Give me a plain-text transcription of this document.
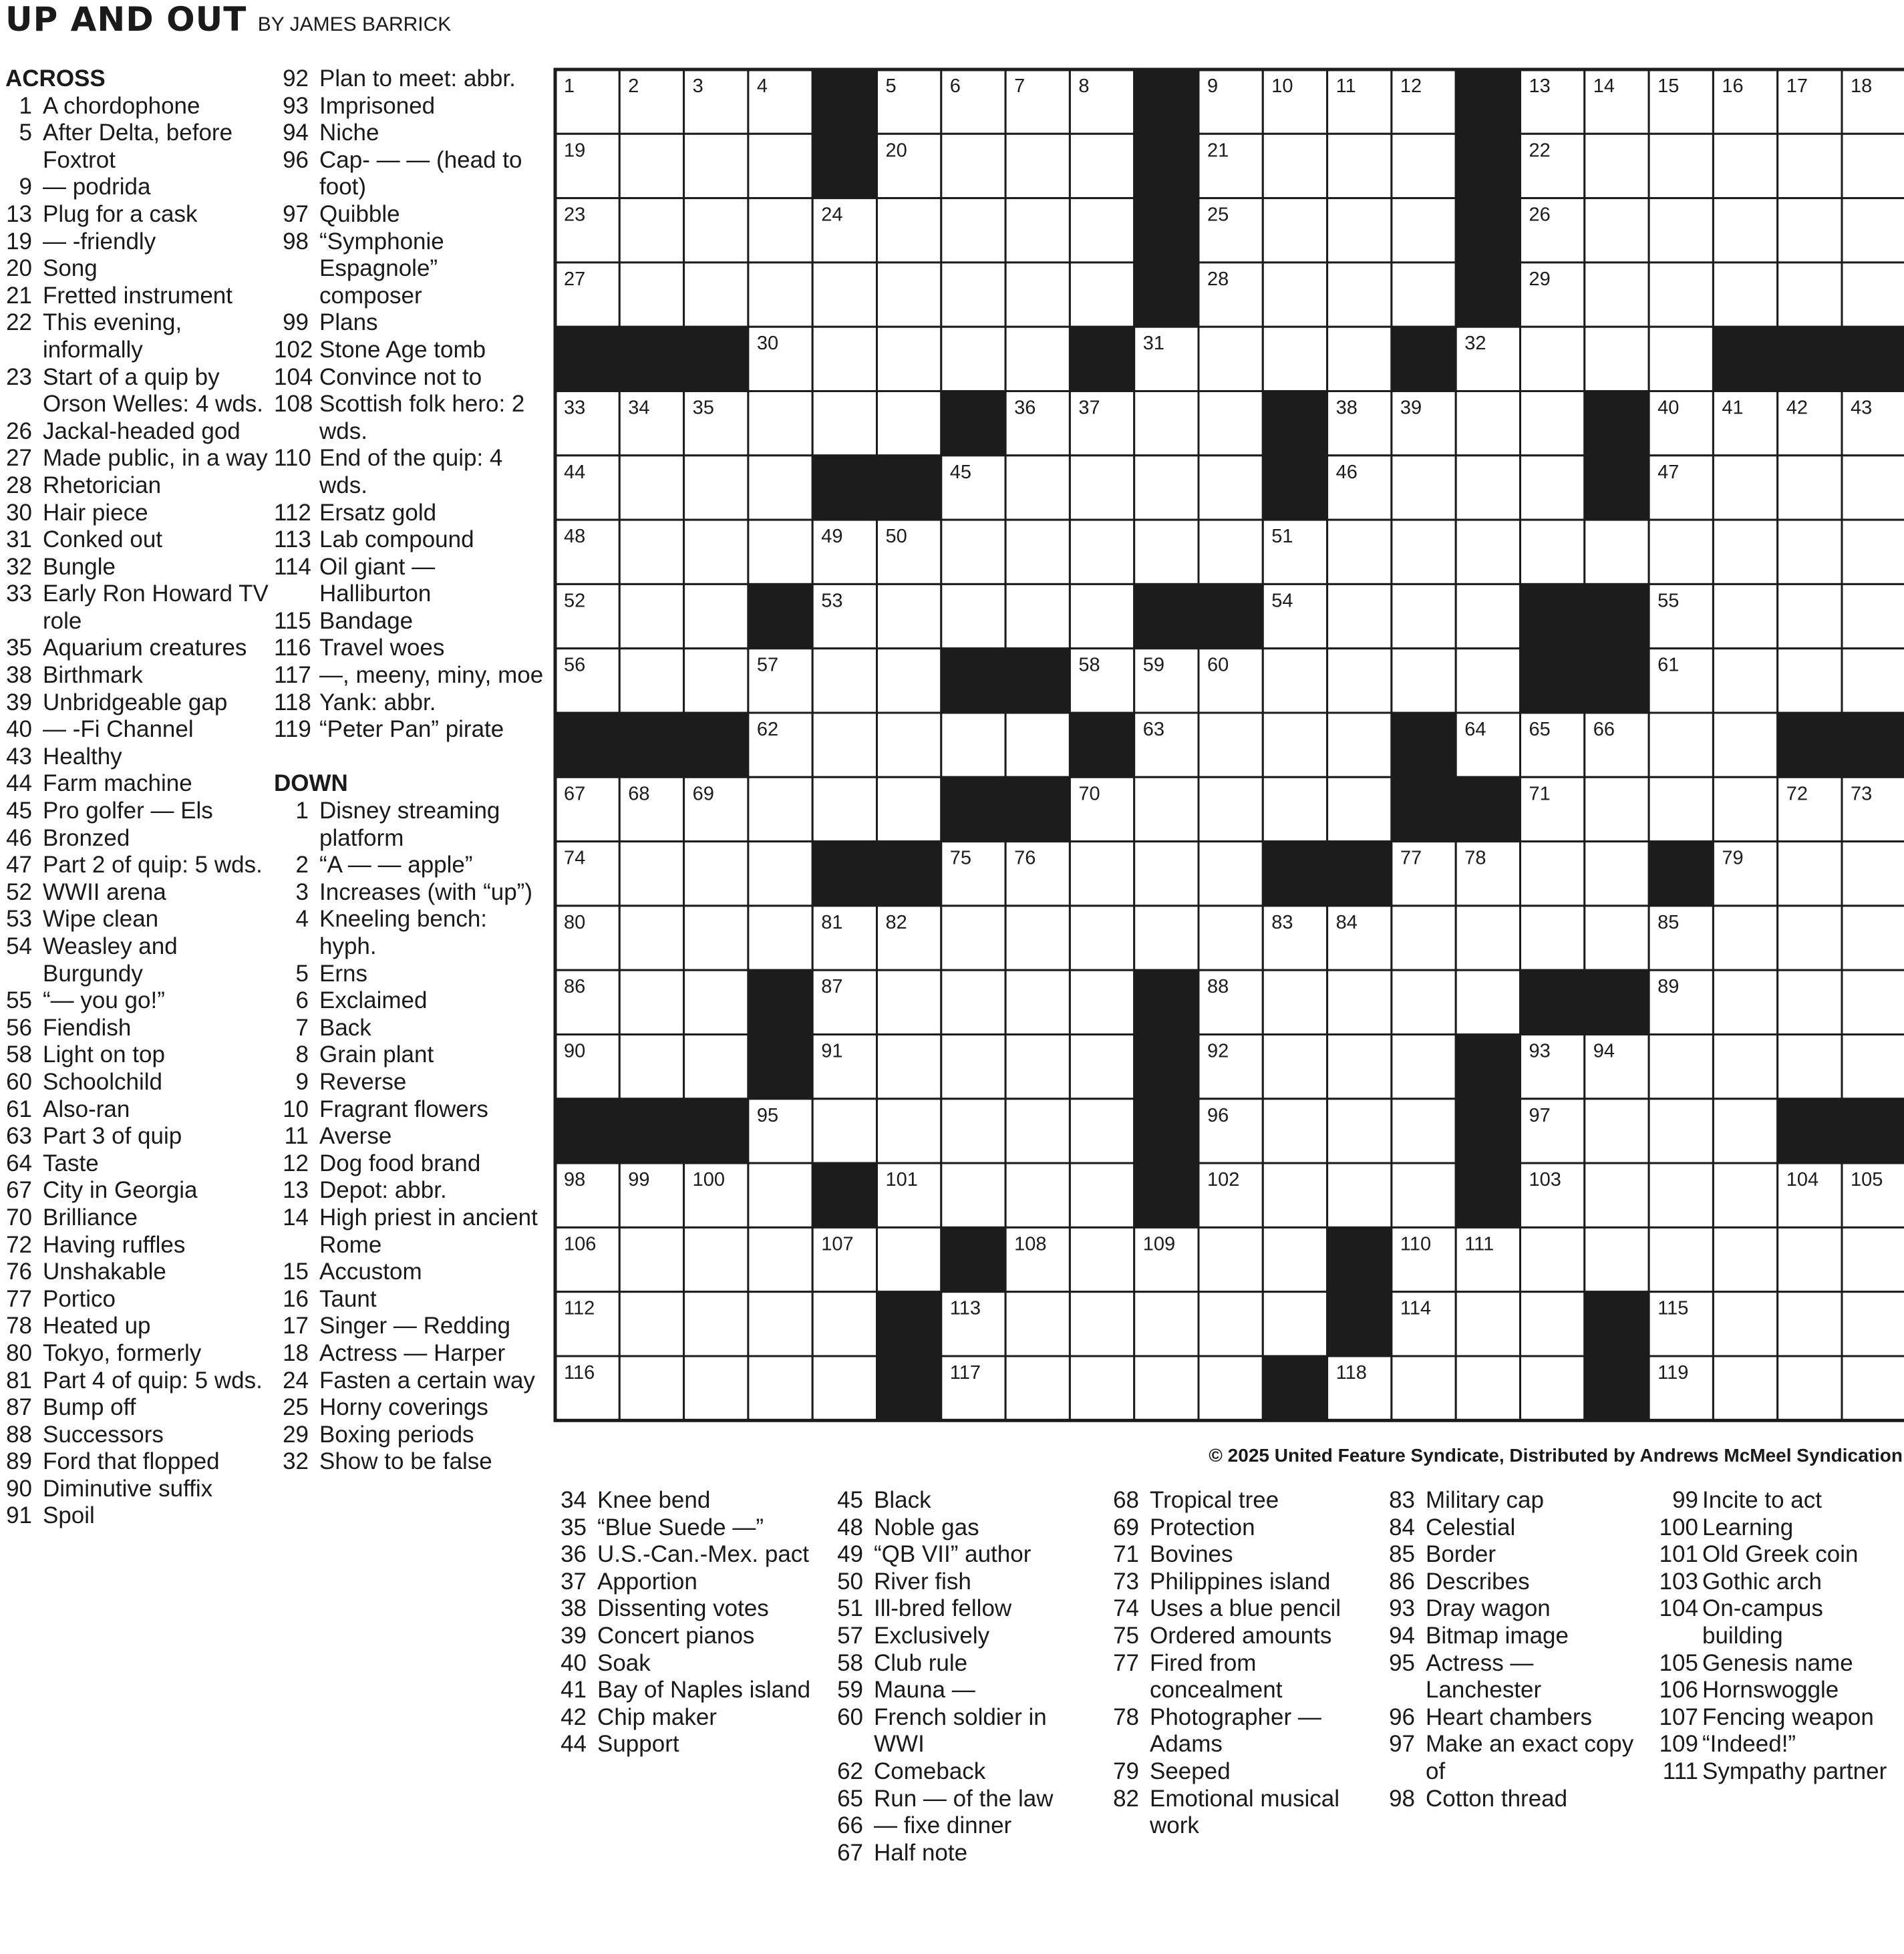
UP AND OUT BY JAMES BARRICK
ACROSS
1 A chordophone
5 After Delta, before Foxtrot
9 — podrida
13 Plug for a cask
19 — -friendly
20 Song
21 Fretted instrument
22 This evening, informally
23 Start of a quip by Orson Welles: 4 wds.
26 Jackal-headed god
27 Made public, in a way
28 Rhetorician
30 Hair piece
31 Conked out
32 Bungle
33 Early Ron Howard TV role
35 Aquarium creatures
38 Birthmark
39 Unbridgeable gap
40 — -Fi Channel
43 Healthy
44 Farm machine
45 Pro golfer — Els
46 Bronzed
47 Part 2 of quip: 5 wds.
52 WWII arena
53 Wipe clean
54 Weasley and Burgundy
55 “— you go!”
56 Fiendish
58 Light on top
60 Schoolchild
61 Also-ran
63 Part 3 of quip
64 Taste
67 City in Georgia
70 Brilliance
72 Having ruffles
76 Unshakable
77 Portico
78 Heated up
80 Tokyo, formerly
81 Part 4 of quip: 5 wds.
87 Bump off
88 Successors
89 Ford that flopped
90 Diminutive suffix
91 Spoil
92 Plan to meet: abbr.
93 Imprisoned
94 Niche
96 Cap- — — (head to foot)
97 Quibble
98 “Symphonie Espagnole” composer
99 Plans
102 Stone Age tomb
104 Convince not to
108 Scottish folk hero: 2 wds.
110 End of the quip: 4 wds.
112 Ersatz gold
113 Lab compound
114 Oil giant — Halliburton
115 Bandage
116 Travel woes
117 —, meeny, miny, moe
118 Yank: abbr.
119 “Peter Pan” pirate
DOWN
1 Disney streaming platform
2 “A — — apple”
3 Increases (with “up”)
4 Kneeling bench: hyph.
5 Erns
6 Exclaimed
7 Back
8 Grain plant
9 Reverse
10 Fragrant flowers
11 Averse
12 Dog food brand
13 Depot: abbr.
14 High priest in ancient Rome
15 Accustom
16 Taunt
17 Singer — Redding
18 Actress — Harper
24 Fasten a certain way
25 Horny coverings
29 Boxing periods
32 Show to be false
34 Knee bend
35 “Blue Suede —”
36 U.S.-Can.-Mex. pact
37 Apportion
38 Dissenting votes
39 Concert pianos
40 Soak
41 Bay of Naples island
42 Chip maker
44 Support
45 Black
48 Noble gas
49 “QB VII” author
50 River fish
51 Ill-bred fellow
57 Exclusively
58 Club rule
59 Mauna —
60 French soldier in WWI
62 Comeback
65 Run — of the law
66 — fixe dinner
67 Half note
68 Tropical tree
69 Protection
71 Bovines
73 Philippines island
74 Uses a blue pencil
75 Ordered amounts
77 Fired from concealment
78 Photographer — Adams
79 Seeped
82 Emotional musical work
83 Military cap
84 Celestial
85 Border
86 Describes
93 Dray wagon
94 Bitmap image
95 Actress — Lanchester
96 Heart chambers
97 Make an exact copy of
98 Cotton thread
99 Incite to act
100 Learning
101 Old Greek coin
103 Gothic arch
104 On-campus building
105 Genesis name
106 Hornswoggle
107 Fencing weapon
109 “Indeed!”
111 Sympathy partner
1	2	3	4	5	6	7	8	9	10 11 12	13 14 15 16 17 18
19	20	21	22
23	24	25	26
27	28	29
30	31	32
33 34 35	36 37	38 39	40 41 42 43
44	45	46	47
48	49 50	51
52	53	54	55
56	57	58 59 60	61
62	63	64 65 66
67 68 69	70	71	72 73
74	75 76	77 78	79
80	81 82	83 84	85
86	87	88	89
90	91	92	93 94
95	96	97
98 99 100	101	102	103	104 105
106	107	108	109	110 111
112	113	114	115
116	117	118	119
© 2025 United Feature Syndicate, Distributed by Andrews McMeel Syndication
